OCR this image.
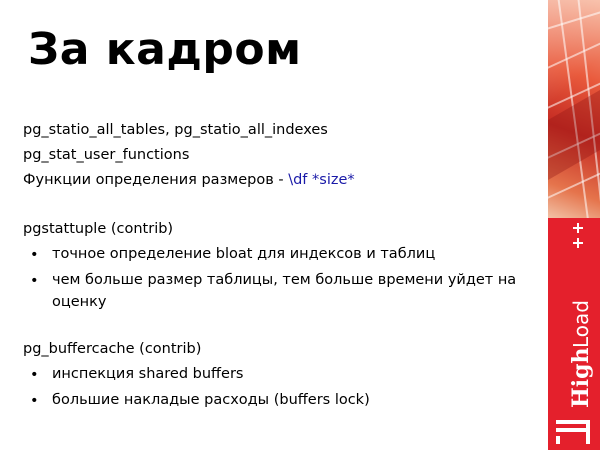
За кадром
pg_statio_all_tables, pg_statio_all_indexes
pg_stat_user_functions
Функции определения размеров - \df *size*
pgstattuple (contrib)
• точное определение bloat для индексов и таблиц
• чем больше размер таблицы, тем больше времени уйдет на оценку
pg_buffercache (contrib)
• инспекция shared buffers
• большие накладые расходы (buffers lock)	High
Load
